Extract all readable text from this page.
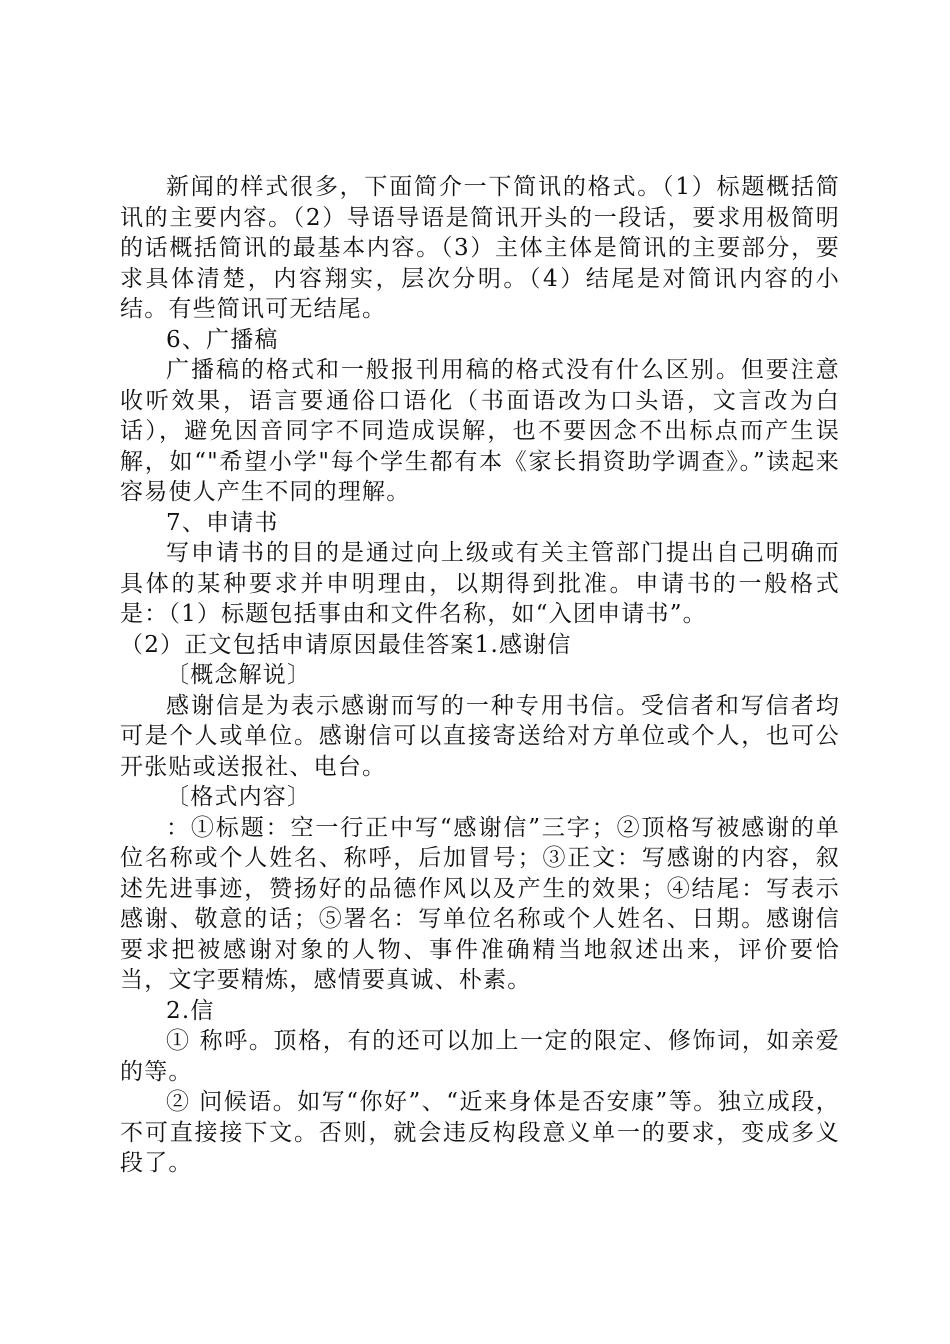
新闻的样式很多，下面简介一下简讯的格式。（1）标题概括简讯的主要内容。（2）导语导语是简讯开头的一段话，要求用极简明的话概括简讯的最基本内容。（3）主体主体是简讯的主要部分，要求具体清楚，内容翔实，层次分明。（4）结尾是对简讯内容的小结。有些简讯可无结尾。

6、广播稿

广播稿的格式和一般报刊用稿的格式没有什么区别。但要注意收听效果，语言要通俗口语化（书面语改为口头语，文言改为白话），避免因音同字不同造成误解，也不要因念不出标点而产生误解，如“"希望小学"每个学生都有本《家长捐资助学调查》。”读起来容易使人产生不同的理解。

7、申请书

写申请书的目的是通过向上级或有关主管部门提出自己明确而具体的某种要求并申明理由，以期得到批准。申请书的一般格式是：（1）标题包括事由和文件名称，如“入团申请书”。

（2）正文包括申请原因最佳答案1.感谢信

〔概念解说〕

感谢信是为表示感谢而写的一种专用书信。受信者和写信者均可是个人或单位。感谢信可以直接寄送给对方单位或个人，也可公开张贴或送报社、电台。

〔格式内容〕

：①标题：空一行正中写“感谢信”三字；②顶格写被感谢的单位名称或个人姓名、称呼，后加冒号；③正文：写感谢的内容，叙述先进事迹，赞扬好的品德作风以及产生的效果；④结尾：写表示感谢、敬意的话；⑤署名：写单位名称或个人姓名、日期。感谢信要求把被感谢对象的人物、事件准确精当地叙述出来，评价要恰当，文字要精炼，感情要真诚、朴素。

2.信

① 称呼。顶格，有的还可以加上一定的限定、修饰词，如亲爱的等。

② 问候语。如写“你好”、“近来身体是否安康”等。独立成段，不可直接接下文。否则，就会违反构段意义单一的要求，变成多义段了。
